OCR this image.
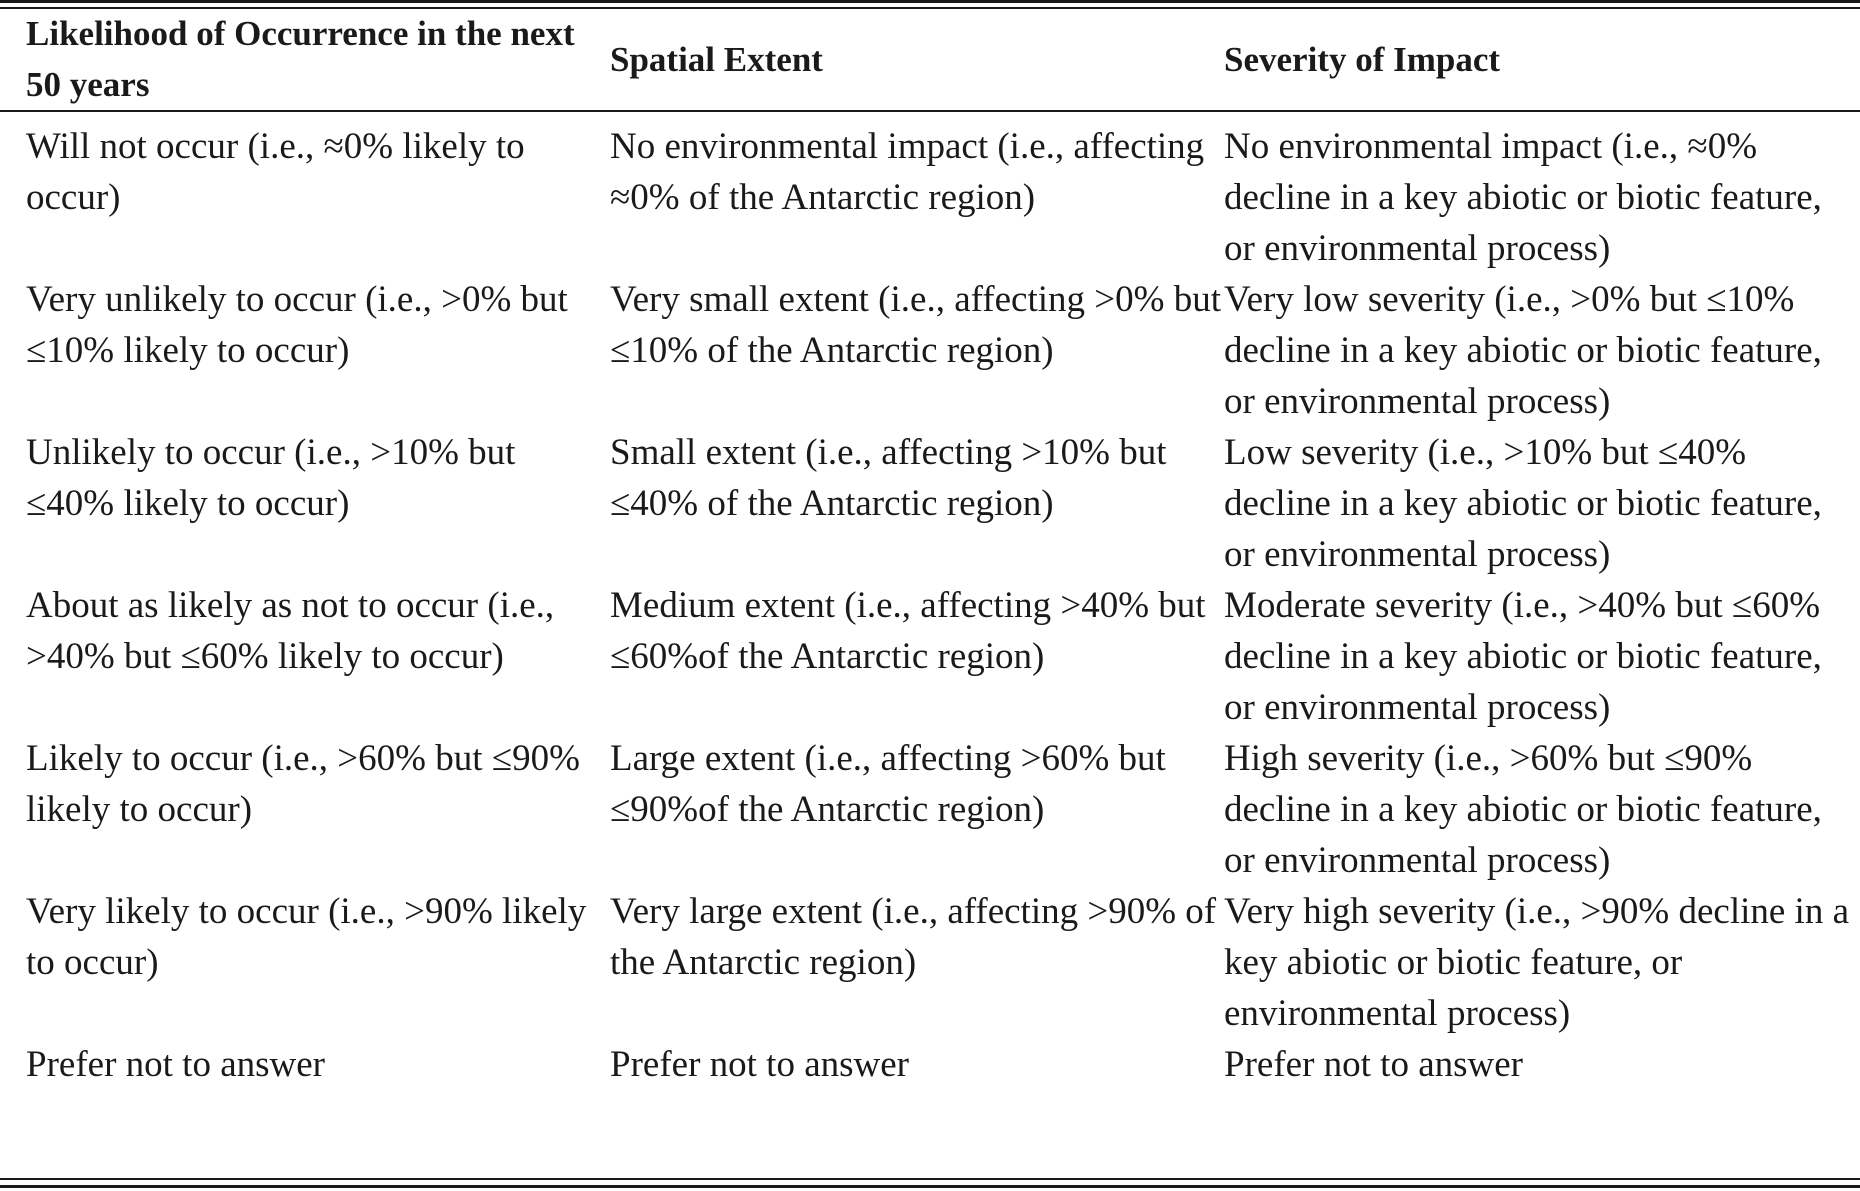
Likelihood of Occurrence in the next 50 years	Spatial Extent	Severity of Impact
Will not occur (i.e., ≈0% likely to occur)	No environmental impact (i.e., affecting ≈0% of the Antarctic region)	No environmental impact (i.e., ≈0% decline in a key abiotic or biotic feature, or environmental process)
Very unlikely to occur (i.e., >0% but ≤10% likely to occur)	Very small extent (i.e., affecting >0% but ≤10% of the Antarctic region)	Very low severity (i.e., >0% but ≤10% decline in a key abiotic or biotic feature, or environmental process)
Unlikely to occur (i.e., >10% but ≤40% likely to occur)	Small extent (i.e., affecting >10% but ≤40% of the Antarctic region)	Low severity (i.e., >10% but ≤40% decline in a key abiotic or biotic feature, or environmental process)
About as likely as not to occur (i.e., >40% but ≤60% likely to occur)	Medium extent (i.e., affecting >40% but ≤60%of the Antarctic region)	Moderate severity (i.e., >40% but ≤60% decline in a key abiotic or biotic feature, or environmental process)
Likely to occur (i.e., >60% but ≤90% likely to occur)	Large extent (i.e., affecting >60% but ≤90%of the Antarctic region)	High severity (i.e., >60% but ≤90% decline in a key abiotic or biotic feature, or environmental process)
Very likely to occur (i.e., >90% likely to occur)	Very large extent (i.e., affecting >90% of the Antarctic region)	Very high severity (i.e., >90% decline in a key abiotic or biotic feature, or environmental process)
Prefer not to answer	Prefer not to answer	Prefer not to answer
